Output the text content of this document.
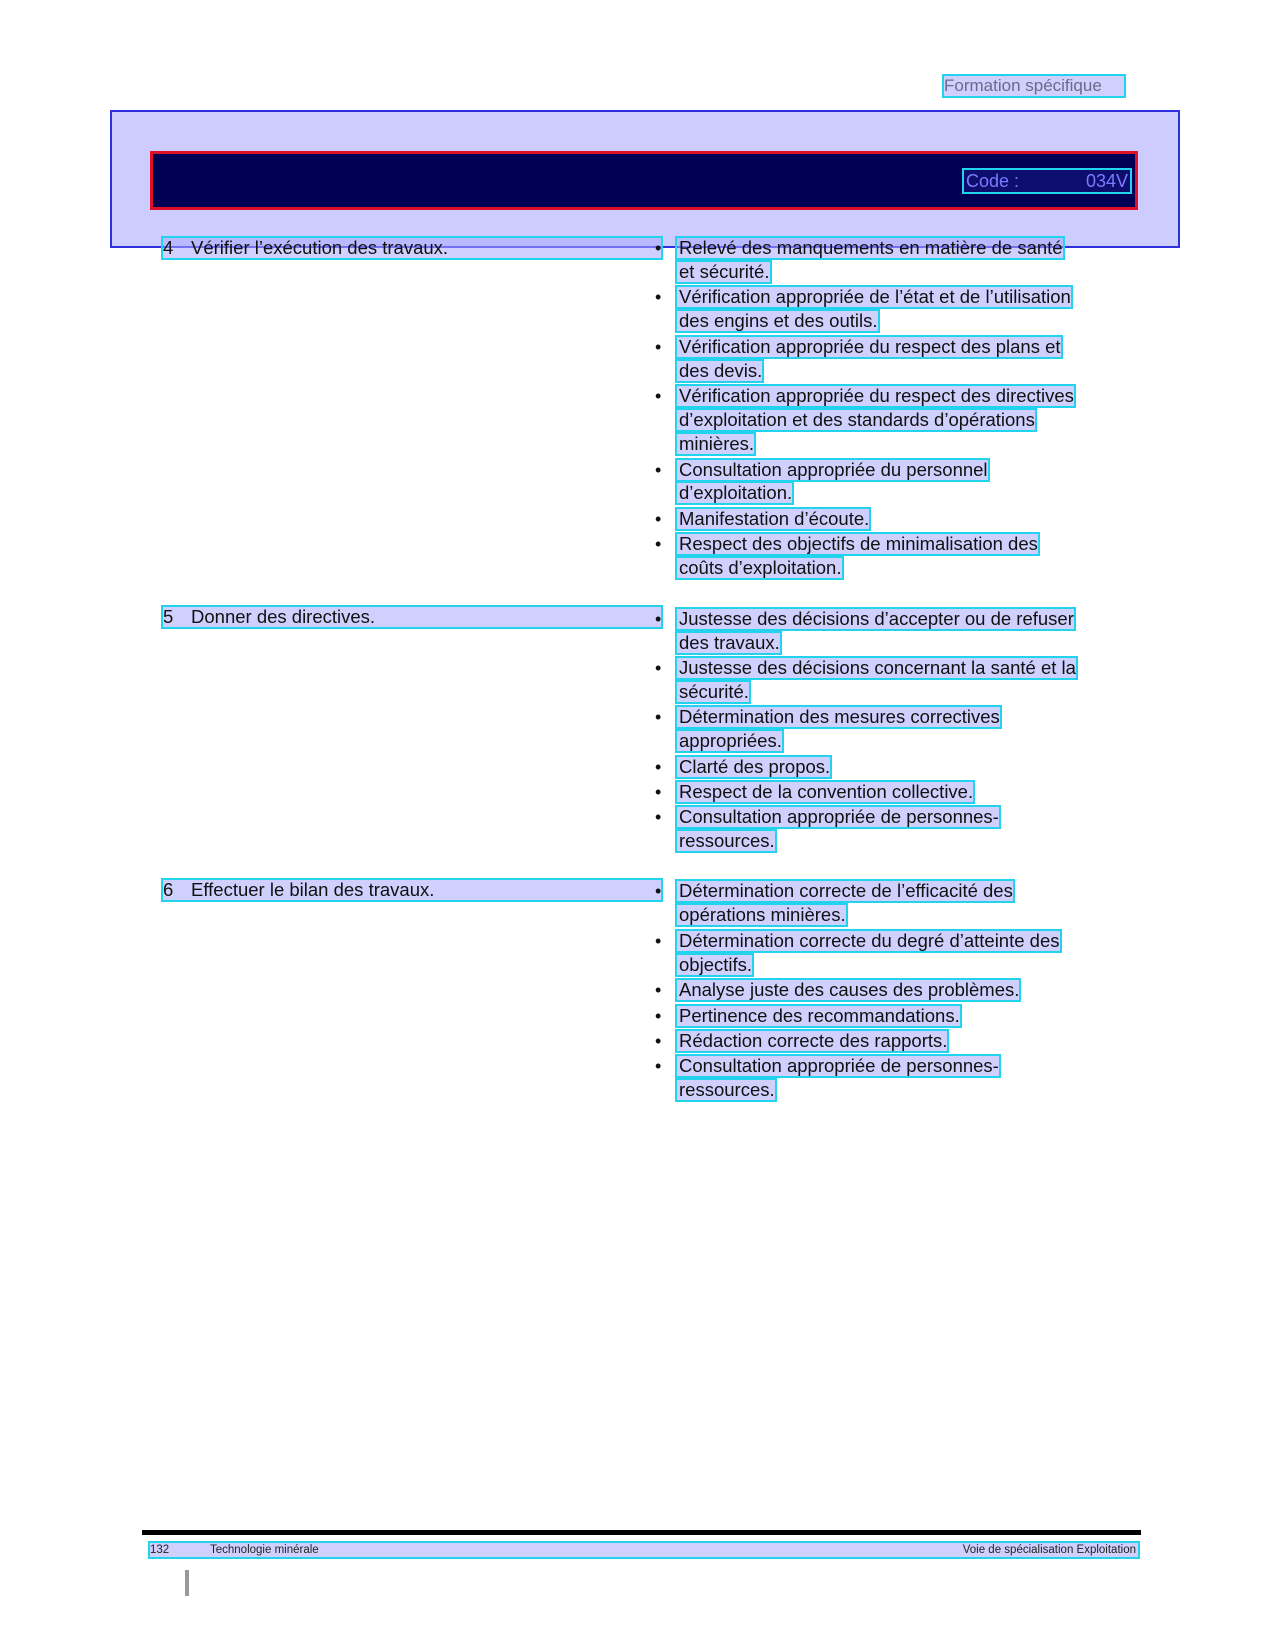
Formation spécifique
Code :	034V
4 Vérifier l’exécution des travaux.	• Relevé des manquements en matière de santé
et sécurité.
• Vérification appropriée de l’état et de l’utilisation
des engins et des outils.
• Vérification appropriée du respect des plans et
des devis.
• Vérification appropriée du respect des directives
d’exploitation et des standards d’opérations
minières.
• Consultation appropriée du personnel
d’exploitation.
• Manifestation d’écoute.
• Respect des objectifs de minimalisation des
coûts d’exploitation.
5 Donner des directives.	• Justesse des décisions d’accepter ou de refuser
des travaux.
• Justesse des décisions concernant la santé et la
sécurité.
• Détermination des mesures correctives
appropriées.
• Clarté des propos.
• Respect de la convention collective.
• Consultation appropriée de personnes-
ressources.
6 Effectuer le bilan des travaux.	• Détermination correcte de l’efficacité des
opérations minières.
• Détermination correcte du degré d’atteinte des
objectifs.
• Analyse juste des causes des problèmes.
• Pertinence des recommandations.
• Rédaction correcte des rapports.
• Consultation appropriée de personnes-
ressources.
132	Technologie minérale	Voie de spécialisation Exploitation
